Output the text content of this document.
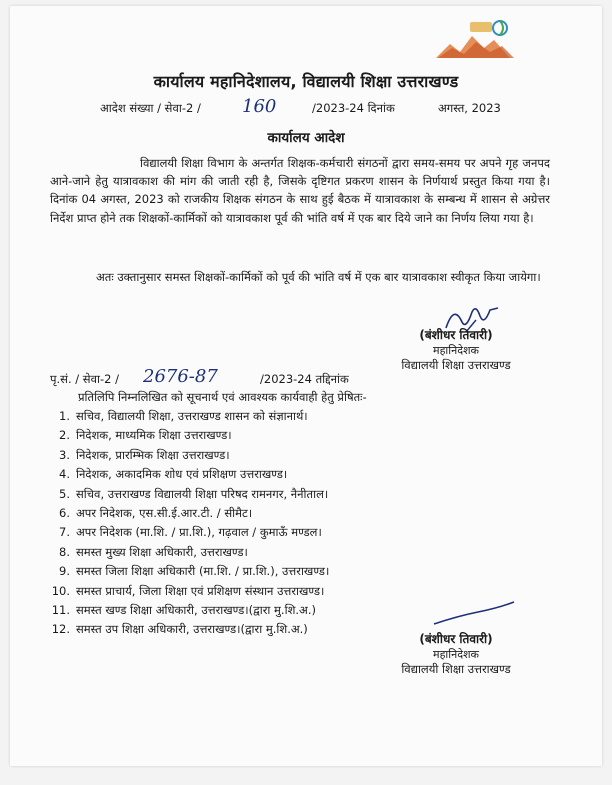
कार्यालय महानिदेशालय, विद्यालयी शिक्षा उत्तराखण्ड
आदेश संख्या / सेवा-2 / 160	/2023-24 दिनांक	अगस्त, 2023
कार्यालय आदेश
विद्यालयी शिक्षा विभाग के अन्तर्गत शिक्षक-कर्मचारी संगठनों द्वारा समय-समय पर अपने गृह जनपद आने-जाने हेतु यात्रावकाश की मांग की जाती रही है, जिसके दृष्टिगत प्रकरण शासन के निर्णयार्थ प्रस्तुत किया गया है। दिनांक 04 अगस्त, 2023 को राजकीय शिक्षक संगठन के साथ हुई बैठक में यात्रावकाश के सम्बन्ध में शासन से अग्रेत्तर निर्देश प्राप्त होने तक शिक्षकों-कार्मिकों को यात्रावकाश पूर्व की भांति वर्ष में एक बार दिये जाने का निर्णय लिया गया है।
अतः उक्तानुसार समस्त शिक्षकों-कार्मिकों को पूर्व की भांति वर्ष में एक बार यात्रावकाश स्वीकृत किया जायेगा।
(बंशीधर तिवारी)
महानिदेशक
विद्यालयी शिक्षा उत्तराखण्ड
पृ.सं. / सेवा-2 / 2676-87	/2023-24 तद्दिनांक
प्रतिलिपि निम्नलिखित को सूचनार्थ एवं आवश्यक कार्यवाही हेतु प्रेषितः-
1. सचिव, विद्यालयी शिक्षा, उत्तराखण्ड शासन को संज्ञानार्थ।
2. निदेशक, माध्यमिक शिक्षा उत्तराखण्ड।
3. निदेशक, प्रारम्भिक शिक्षा उत्तराखण्ड।
4. निदेशक, अकादमिक शोध एवं प्रशिक्षण उत्तराखण्ड।
5. सचिव, उत्तराखण्ड विद्यालयी शिक्षा परिषद रामनगर, नैनीताल।
6. अपर निदेशक, एस.सी.ई.आर.टी. / सीमैट।
7. अपर निदेशक (मा.शि. / प्रा.शि.), गढ़वाल / कुमाऊँ मण्डल।
8. समस्त मुख्य शिक्षा अधिकारी, उत्तराखण्ड।
9. समस्त जिला शिक्षा अधिकारी (मा.शि. / प्रा.शि.), उत्तराखण्ड।
10. समस्त प्राचार्य, जिला शिक्षा एवं प्रशिक्षण संस्थान उत्तराखण्ड।
11. समस्त खण्ड शिक्षा अधिकारी, उत्तराखण्ड।(द्वारा मु.शि.अ.)
12. समस्त उप शिक्षा अधिकारी, उत्तराखण्ड।(द्वारा मु.शि.अ.)
(बंशीधर तिवारी)
महानिदेशक
विद्यालयी शिक्षा उत्तराखण्ड
